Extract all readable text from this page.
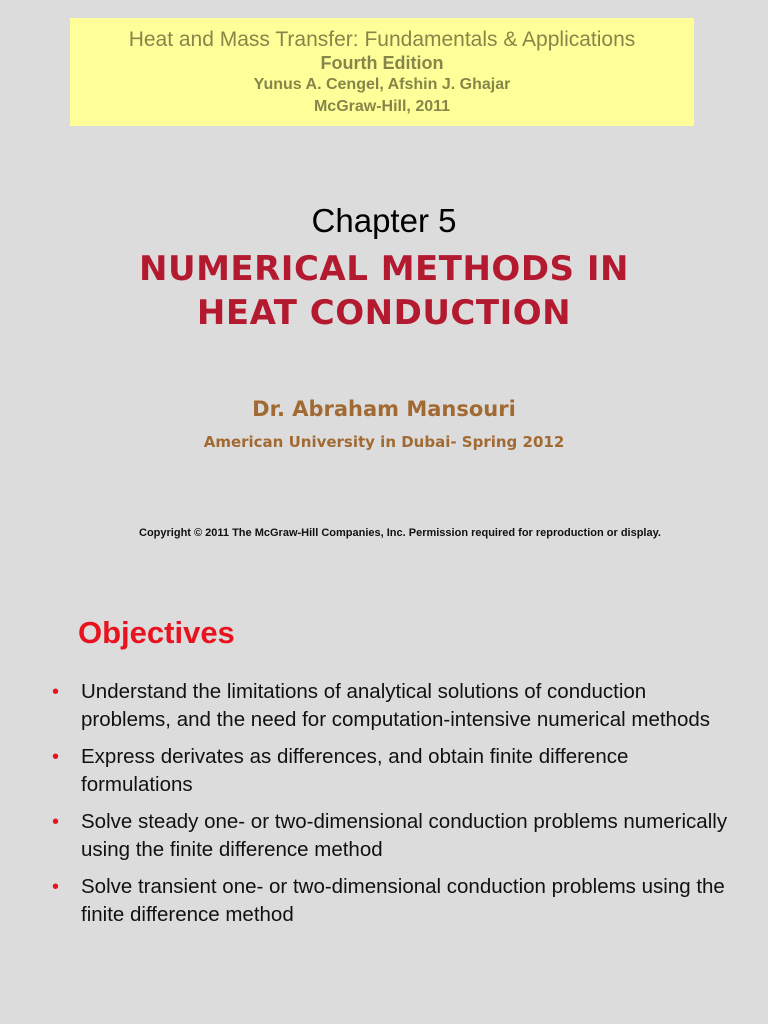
Heat and Mass Transfer: Fundamentals & Applications
Fourth Edition
Yunus A. Cengel, Afshin J. Ghajar
McGraw-Hill, 2011
Chapter 5
NUMERICAL METHODS IN
HEAT CONDUCTION
Dr. Abraham Mansouri
American University in Dubai- Spring 2012
Copyright © 2011 The McGraw-Hill Companies, Inc. Permission required for reproduction or display.
Objectives
• Understand the limitations of analytical solutions of conduction problems, and the need for computation-intensive numerical methods
• Express derivates as differences, and obtain finite difference formulations
• Solve steady one- or two-dimensional conduction problems numerically using the finite difference method
• Solve transient one- or two-dimensional conduction problems using the finite difference method
